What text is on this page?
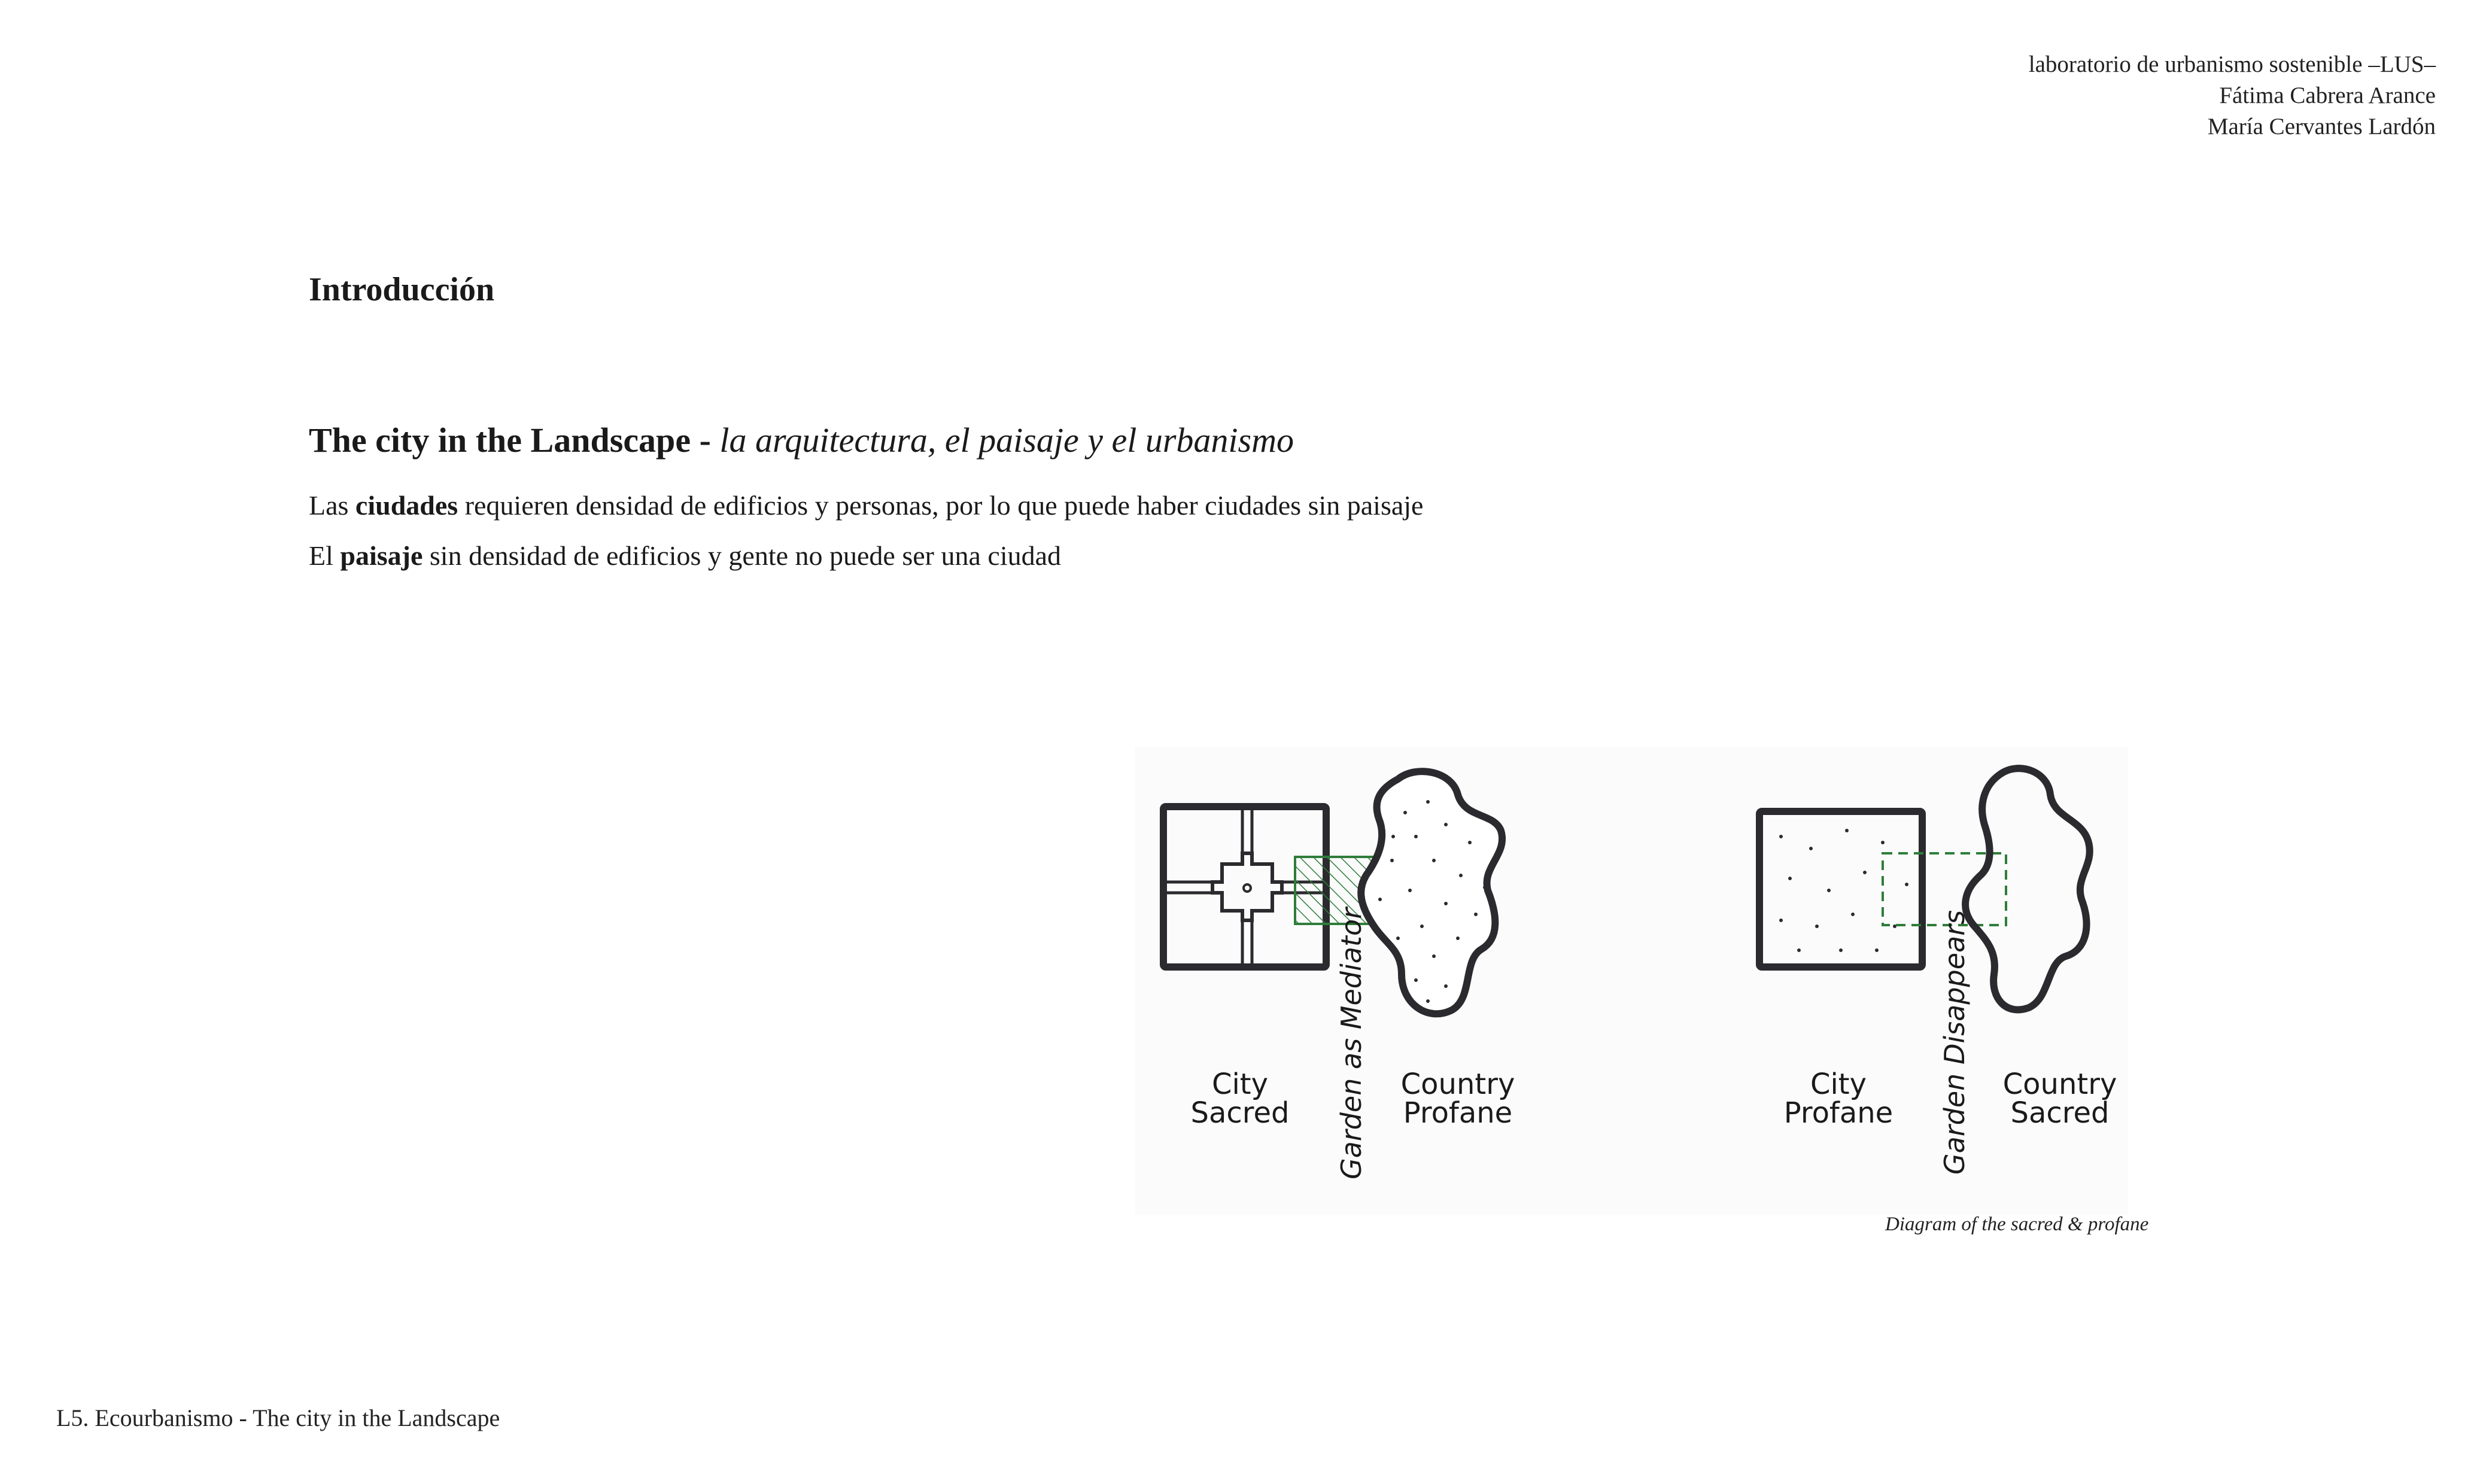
laboratorio de urbanismo sostenible –LUS–
Fátima Cabrera Arance
María Cervantes Lardón
Introducción
The city in the Landscape - la arquitectura, el paisaje y el urbanismo

Las ciudades requieren densidad de edificios y personas, por lo que puede haber ciudades sin paisaje

El paisaje sin densidad de edificios y gente no puede ser una ciudad

City
Sacred
Country
Profane
City
Profane
Country
Sacred
Garden as Mediator	Garden Disappears
Diagram of the sacred & profane
L5. Ecourbanismo - The city in the Landscape
